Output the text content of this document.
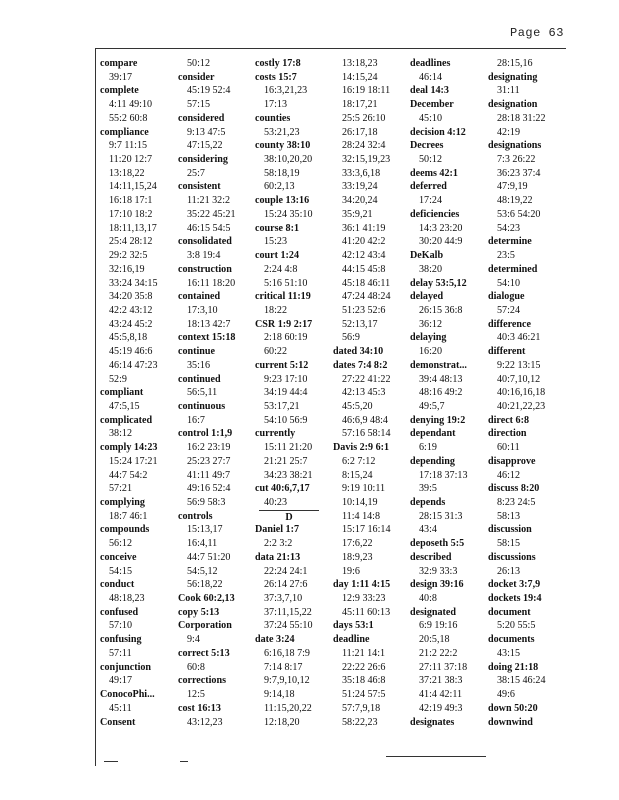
Page 63
compare
39:17
complete
4:11 49:10
55:2 60:8
compliance
9:7 11:15
11:20 12:7
13:18,22
14:11,15,24
16:18 17:1
17:10 18:2
18:11,13,17
25:4 28:12
29:2 32:5
32:16,19
33:24 34:15
34:20 35:8
42:2 43:12
43:24 45:2
45:5,8,18
45:19 46:6
46:14 47:23
52:9
compliant
47:5,15
complicated
38:12
comply 14:23
15:24 17:21
44:7 54:2
57:21
complying
18:7 46:1
compounds
56:12
conceive
54:15
conduct
48:18,23
confused
57:10
confusing
57:11
conjunction
49:17
ConocoPhi...
45:11
Consent
50:12
consider
45:19 52:4
57:15
considered
9:13 47:5
47:15,22
considering
25:7
consistent
11:21 32:2
35:22 45:21
46:15 54:5
consolidated
3:8 19:4
construction
16:11 18:20
contained
17:3,10
18:13 42:7
context 15:18
continue
35:16
continued
56:5,11
continuous
16:7
control 1:1,9
16:2 23:19
25:23 27:7
41:11 49:7
49:16 52:4
56:9 58:3
controls
15:13,17
16:4,11
44:7 51:20
54:5,12
56:18,22
Cook 60:2,13
copy 5:13
Corporation
9:4
correct 5:13
60:8
corrections
12:5
cost 16:13
43:12,23
costly 17:8
costs 15:7
16:3,21,23
17:13
counties
53:21,23
county 38:10
38:10,20,20
58:18,19
60:2,13
couple 13:16
15:24 35:10
course 8:1
15:23
court 1:24
2:24 4:8
5:16 51:10
critical 11:19
18:22
CSR 1:9 2:17
2:18 60:19
60:22
current 5:12
9:23 17:10
34:19 44:4
53:17,21
54:10 56:9
currently
15:11 21:20
21:21 25:7
34:23 38:21
cut 40:6,7,17
40:23
D
Daniel 1:7
2:2 3:2
data 21:13
22:24 24:1
26:14 27:6
37:3,7,10
37:11,15,22
37:24 55:10
date 3:24
6:16,18 7:9
7:14 8:17
9:7,9,10,12
9:14,18
11:15,20,22
12:18,20
13:18,23
14:15,24
16:19 18:11
18:17,21
25:5 26:10
26:17,18
28:24 32:4
32:15,19,23
33:3,6,18
33:19,24
34:20,24
35:9,21
36:1 41:19
41:20 42:2
42:12 43:4
44:15 45:8
45:18 46:11
47:24 48:24
51:23 52:6
52:13,17
56:9
dated 34:10
dates 7:4 8:2
27:22 41:22
42:13 45:3
45:5,20
46:6,9 48:4
57:16 58:14
Davis 2:9 6:1
6:2 7:12
8:15,24
9:19 10:11
10:14,19
11:4 14:8
15:17 16:14
17:6,22
18:9,23
19:6
day 1:11 4:15
12:9 33:23
45:11 60:13
days 53:1
deadline
11:21 14:1
22:22 26:6
35:18 46:8
51:24 57:5
57:7,9,18
58:22,23
deadlines
46:14
deal 14:3
December
45:10
decision 4:12
Decrees
50:12
deems 42:1
deferred
17:24
deficiencies
14:3 23:20
30:20 44:9
DeKalb
38:20
delay 53:5,12
delayed
26:15 36:8
36:12
delaying
16:20
demonstrat...
39:4 48:13
48:16 49:2
49:5,7
denying 19:2
dependant
6:19
depending
17:18 37:13
39:5
depends
28:15 31:3
43:4
deposeth 5:5
described
32:9 33:3
design 39:16
40:8
designated
6:9 19:16
20:5,18
21:2 22:2
27:11 37:18
37:21 38:3
41:4 42:11
42:19 49:3
designates
28:15,16
designating
31:11
designation
28:18 31:22
42:19
designations
7:3 26:22
36:23 37:4
47:9,19
48:19,22
53:6 54:20
54:23
determine
23:5
determined
54:10
dialogue
57:24
difference
40:3 46:21
different
9:22 13:15
40:7,10,12
40:16,16,18
40:21,22,23
direct 6:8
direction
60:11
disapprove
46:12
discuss 8:20
8:23 24:5
58:13
discussion
58:15
discussions
26:13
docket 3:7,9
dockets 19:4
document
5:20 55:5
documents
43:15
doing 21:18
38:15 46:24
49:6
down 50:20
downwind
